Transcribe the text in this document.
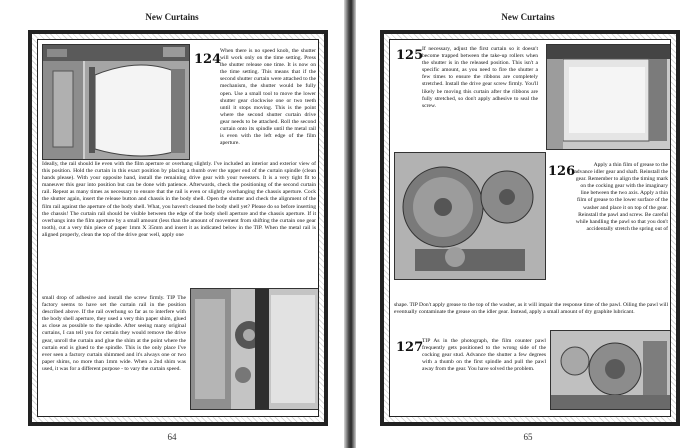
New Curtains
124
When there is no speed knob, the shutter will work only on the time setting. Press the shutter release one time. It is now on the time setting. This means that if the second shutter curtain were attached to the mechanism, the shutter would be fully open. Use a small tool to move the lower shutter gear clockwise one or two teeth until it stops moving. This is the point where the second shutter curtain drive gear needs to be attached. Roll the second curtain onto its spindle until the metal rail is even with the left edge of the film aperture.
Ideally, the rail should lie even with the film aperture or overhang slightly. I've included an interior and exterior view of this position. Hold the curtain in this exact position by placing a thumb over the upper end of the curtain spindle (clean hands please). With your opposite hand, install the remaining drive gear with your tweezers. It is a very tight fit to maneuver this gear into position but can be done with patience. Afterwards, check the positioning of the second curtain rail. Repeat as many times as necessary to ensure that the rail is even or slightly overhanging the chassis aperture. Cock the shutter again, insert the release button and chassis in the body shell. Open the shutter and check the alignment of the film rail against the aperture of the body shell. What, you haven't cleaned the body shell yet? Please do so before inserting the chassis! The curtain rail should be visible between the edge of the body shell aperture and the chassis aperture. If it overhangs into the film aperture by a small amount (less than the amount of movement from shifting the curtain one gear tooth), cut a very thin piece of paper 1mm X 35mm and insert it as indicated below in the TIP. When the metal rail is aligned properly, clean the top of the drive gear well, apply one
small drop of adhesive and install the screw firmly. TIP The factory seems to have set the curtain rail in the position described above. If the rail overhung so far as to interfere with the body shell aperture, they used a very thin paper shim, glued as close as possible to the spindle. After seeing many original curtains, I can tell you for certain they would remove the drive gear, unroll the curtain and glue the shim at the point where the curtain end is glued to the spindle. This is the only place I've ever seen a factory curtain shimmed and it's always one or two paper shims, no more than 1mm wide. When a 2nd shim was used, it was for a different purpose - to vary the curtain speed.
64
New Curtains
125
If necessary, adjust the first curtain so it doesn't become trapped between the take-up rollers when the shutter is in the released position. This isn't a specific amount, as you need to fire the shutter a few times to ensure the ribbons are completely stretched. Install the drive gear screw firmly. You'll likely be moving this curtain after the ribbons are fully stretched, so don't apply adhesive to seal the screw.
126	Apply a thin film of grease to the advance idler gear and shaft. Reinstall the gear. Remember to align the timing mark on the cocking gear with the imaginary line between the two axis. Apply a thin film of grease to the lower surface of the washer and place it on top of the gear. Reinstall the pawl and screw. Be careful while handling the pawl so that you don't accidentally stretch the spring out of
shape. TIP Don't apply grease to the top of the washer, as it will impair the response time of the pawl. Oiling the pawl will eventually contaminate the grease on the idler gear. Instead, apply a small amount of dry graphite lubricant.
127
TIP As in the photograph, the film counter pawl frequently gets positioned to the wrong side of the cocking gear stud. Advance the shutter a few degrees with a thumb on the first spindle and pull the pawl away from the gear. You have solved the problem.
65
